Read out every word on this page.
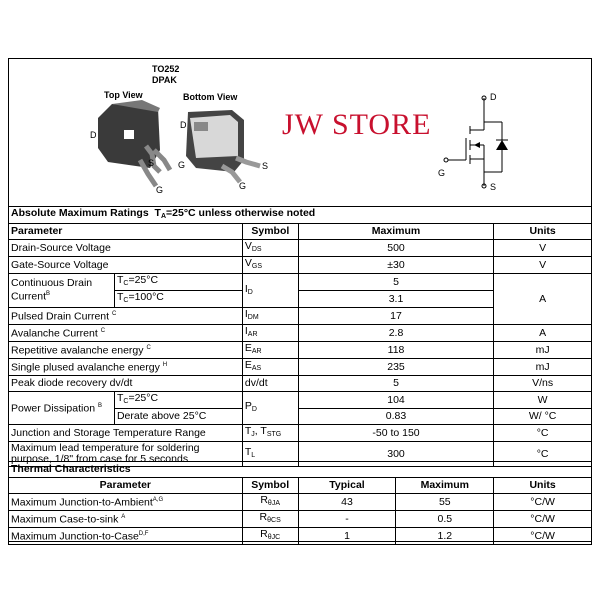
TO252
DPAK
Top View	Bottom View
D
S
G
D
G	S
G
D
G
S
JW STORE
Absolute Maximum Ratings $T_A=25^\circ C$ unless otherwise noted				
Parameter		Symbol	Maximum	Units
Drain-Source Voltage		$V_{DS}$	500	V
Gate-Source Voltage		$V_{GS}$	±30	V
Continuous Drain
Current$^B$	$T_C=25^\circ C$	$I_D$	5	A
	$T_C=100^\circ C$		3.1	
Pulsed Drain Current $^C$		$I_{DM}$	17	
Avalanche Current $^C$		$I_{AR}$	2.8	A
Repetitive avalanche energy $^C$		$E_{AR}$	118	mJ
Single plused avalanche energy $^H$		$E_{AS}$	235	mJ
Peak diode recovery dv/dt		dv/dt	5	V/ns
Power Dissipation $^B$	$T_C=25^\circ C$	$P_D$	104	W
	Derate above 25°C		0.83	W/ °C
Junction and Storage Temperature Range		$T_J$, $T_{STG}$	-50 to 150	°C
Maximum lead temperature for soldering purpose, 1/8" from case for 5 seconds		$T_L$	300	°C
Thermal Characteristics				
Parameter	Symbol	Typical	Maximum	Units
Maximum Junction-to-Ambient$^{A,G}$	$R_{\theta JA}$	43	55	°C/W
Maximum Case-to-sink $^A$	$R_{\theta CS}$	-	0.5	°C/W
Maximum Junction-to-Case$^{D,F}$	$R_{\theta JC}$	1	1.2	°C/W
